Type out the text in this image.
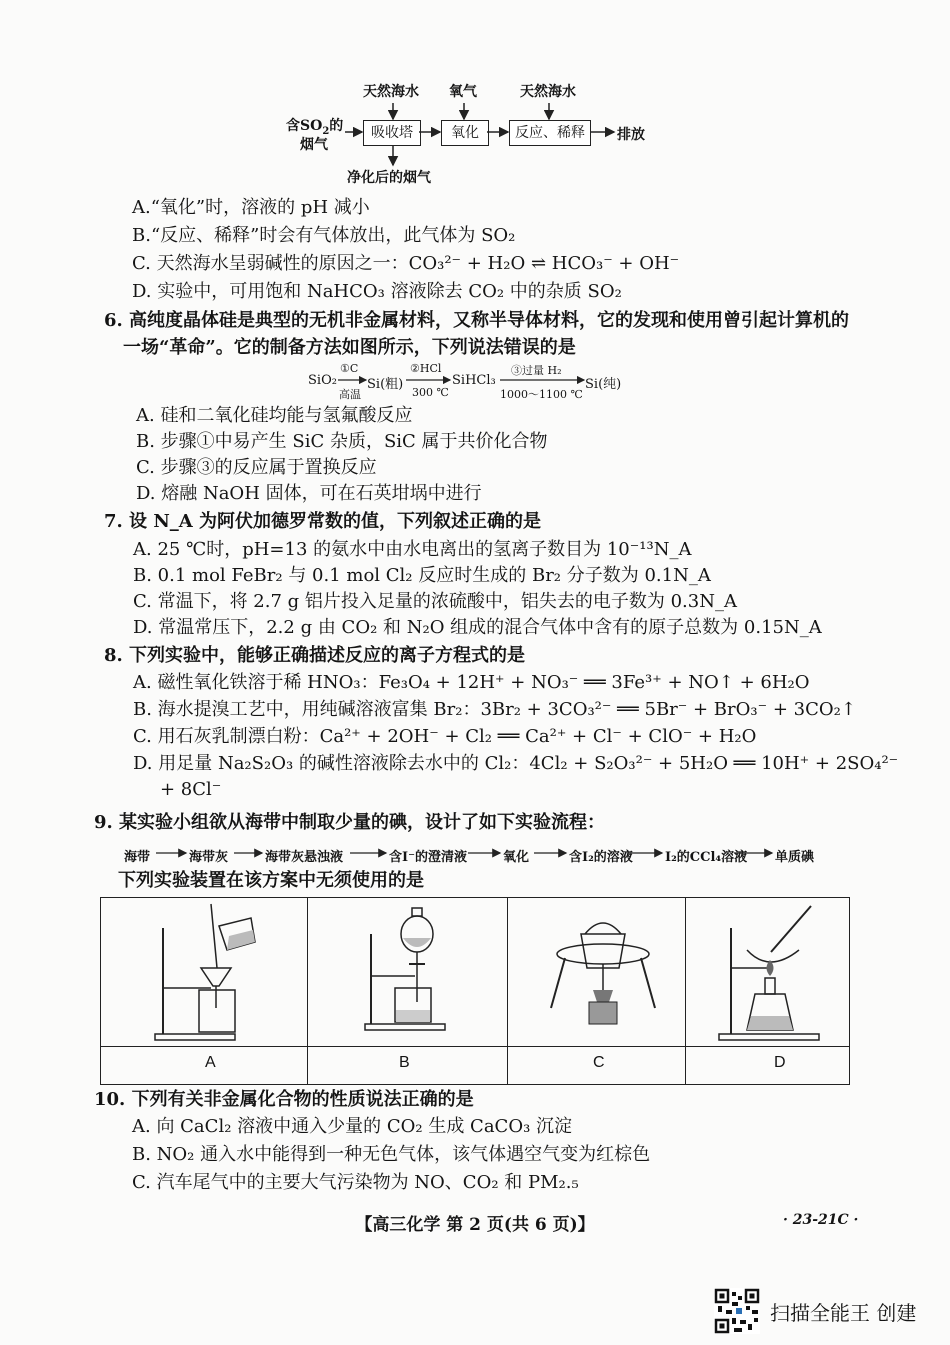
含$SO_2$的
烟气
天然海水 氧气	天然海水
吸收塔	氧化	反应、稀释	排放
净化后的烟气
A.“氧化”时，溶液的 pH 减小
B.“反应、稀释”时会有气体放出，此气体为 SO₂
C. 天然海水呈弱碱性的原因之一：CO₃²⁻ + H₂O ⇌ HCO₃⁻ + OH⁻
D. 实验中，可用饱和 NaHCO₃ 溶液除去 CO₂ 中的杂质 SO₂
6. 高纯度晶体硅是典型的无机非金属材料，又称半导体材料，它的发现和使用曾引起计算机的
一场“革命”。它的制备方法如图所示，下列说法错误的是
SiO₂
①C
高温
Si(粗)
②HCl
300 ℃
SiHCl₃
③过量 H₂
1000～1100 ℃
Si(纯)
A. 硅和二氧化硅均能与氢氟酸反应
B. 步骤①中易产生 SiC 杂质，SiC 属于共价化合物
C. 步骤③的反应属于置换反应
D. 熔融 NaOH 固体，可在石英坩埚中进行
7. 设 N_A 为阿伏加德罗常数的值，下列叙述正确的是
A. 25 ℃时，pH=13 的氨水中由水电离出的氢离子数目为 10⁻¹³N_A
B. 0.1 mol FeBr₂ 与 0.1 mol Cl₂ 反应时生成的 Br₂ 分子数为 0.1N_A
C. 常温下，将 2.7 g 铝片投入足量的浓硫酸中，铝失去的电子数为 0.3N_A
D. 常温常压下，2.2 g 由 CO₂ 和 N₂O 组成的混合气体中含有的原子总数为 0.15N_A
8. 下列实验中，能够正确描述反应的离子方程式的是
A. 磁性氧化铁溶于稀 HNO₃：Fe₃O₄ + 12H⁺ + NO₃⁻ ══ 3Fe³⁺ + NO↑ + 6H₂O
B. 海水提溴工艺中，用纯碱溶液富集 Br₂：3Br₂ + 3CO₃²⁻ ══ 5Br⁻ + BrO₃⁻ + 3CO₂↑
C. 用石灰乳制漂白粉：Ca²⁺ + 2OH⁻ + Cl₂ ══ Ca²⁺ + Cl⁻ + ClO⁻ + H₂O
D. 用足量 Na₂S₂O₃ 的碱性溶液除去水中的 Cl₂：4Cl₂ + S₂O₃²⁻ + 5H₂O ══ 10H⁺ + 2SO₄²⁻
+ 8Cl⁻
9. 某实验小组欲从海带中制取少量的碘，设计了如下实验流程：
海带	海带灰	海带灰悬浊液	含I⁻的澄清液	氧化	含I₂的溶液 I₂的CCl₄溶液 单质碘
下列实验装置在该方案中无须使用的是
A	B	C	D
10. 下列有关非金属化合物的性质说法正确的是
A. 向 CaCl₂ 溶液中通入少量的 CO₂ 生成 CaCO₃ 沉淀
B. NO₂ 通入水中能得到一种无色气体，该气体遇空气变为红棕色
C. 汽车尾气中的主要大气污染物为 NO、CO₂ 和 PM₂.₅
【高三化学 第 2 页(共 6 页)】	· 23-21C ·
扫描全能王 创建
